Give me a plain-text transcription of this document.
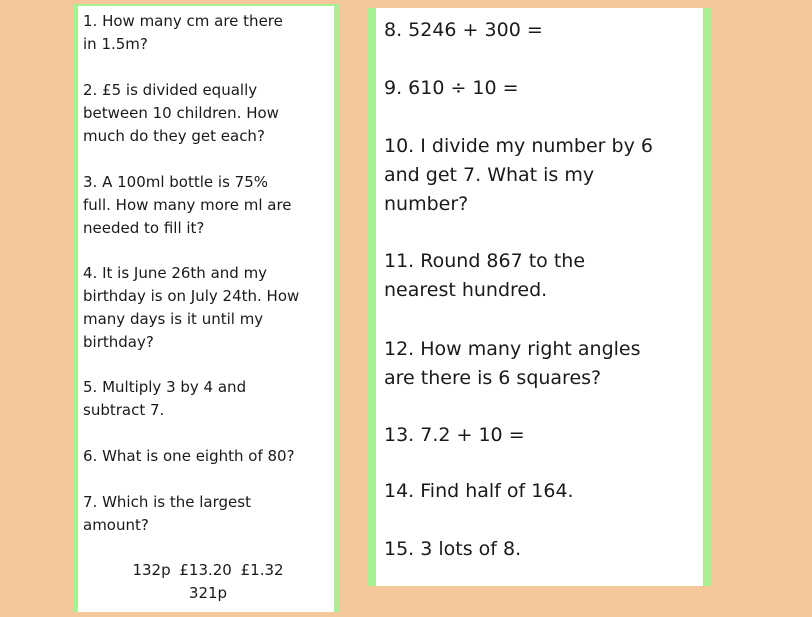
1. How many cm are there
in 1.5m?

2. £5 is divided equally
between 10 children. How
much do they get each?

3. A 100ml bottle is 75%
full. How many more ml are
needed to fill it?

4. It is June 26th and my
birthday is on July 24th. How
many days is it until my
birthday?

5. Multiply 3 by 4 and
subtract 7.

6. What is one eighth of 80?

7. Which is the largest
amount?

132p £13.20 £1.32
321p

8. 5246 + 300 =

9. 610 ÷ 10 =

10. I divide my number by 6
and get 7. What is my
number?

11. Round 867 to the
nearest hundred.

12. How many right angles
are there is 6 squares?

13. 7.2 + 10 =

14. Find half of 164.

15. 3 lots of 8.
